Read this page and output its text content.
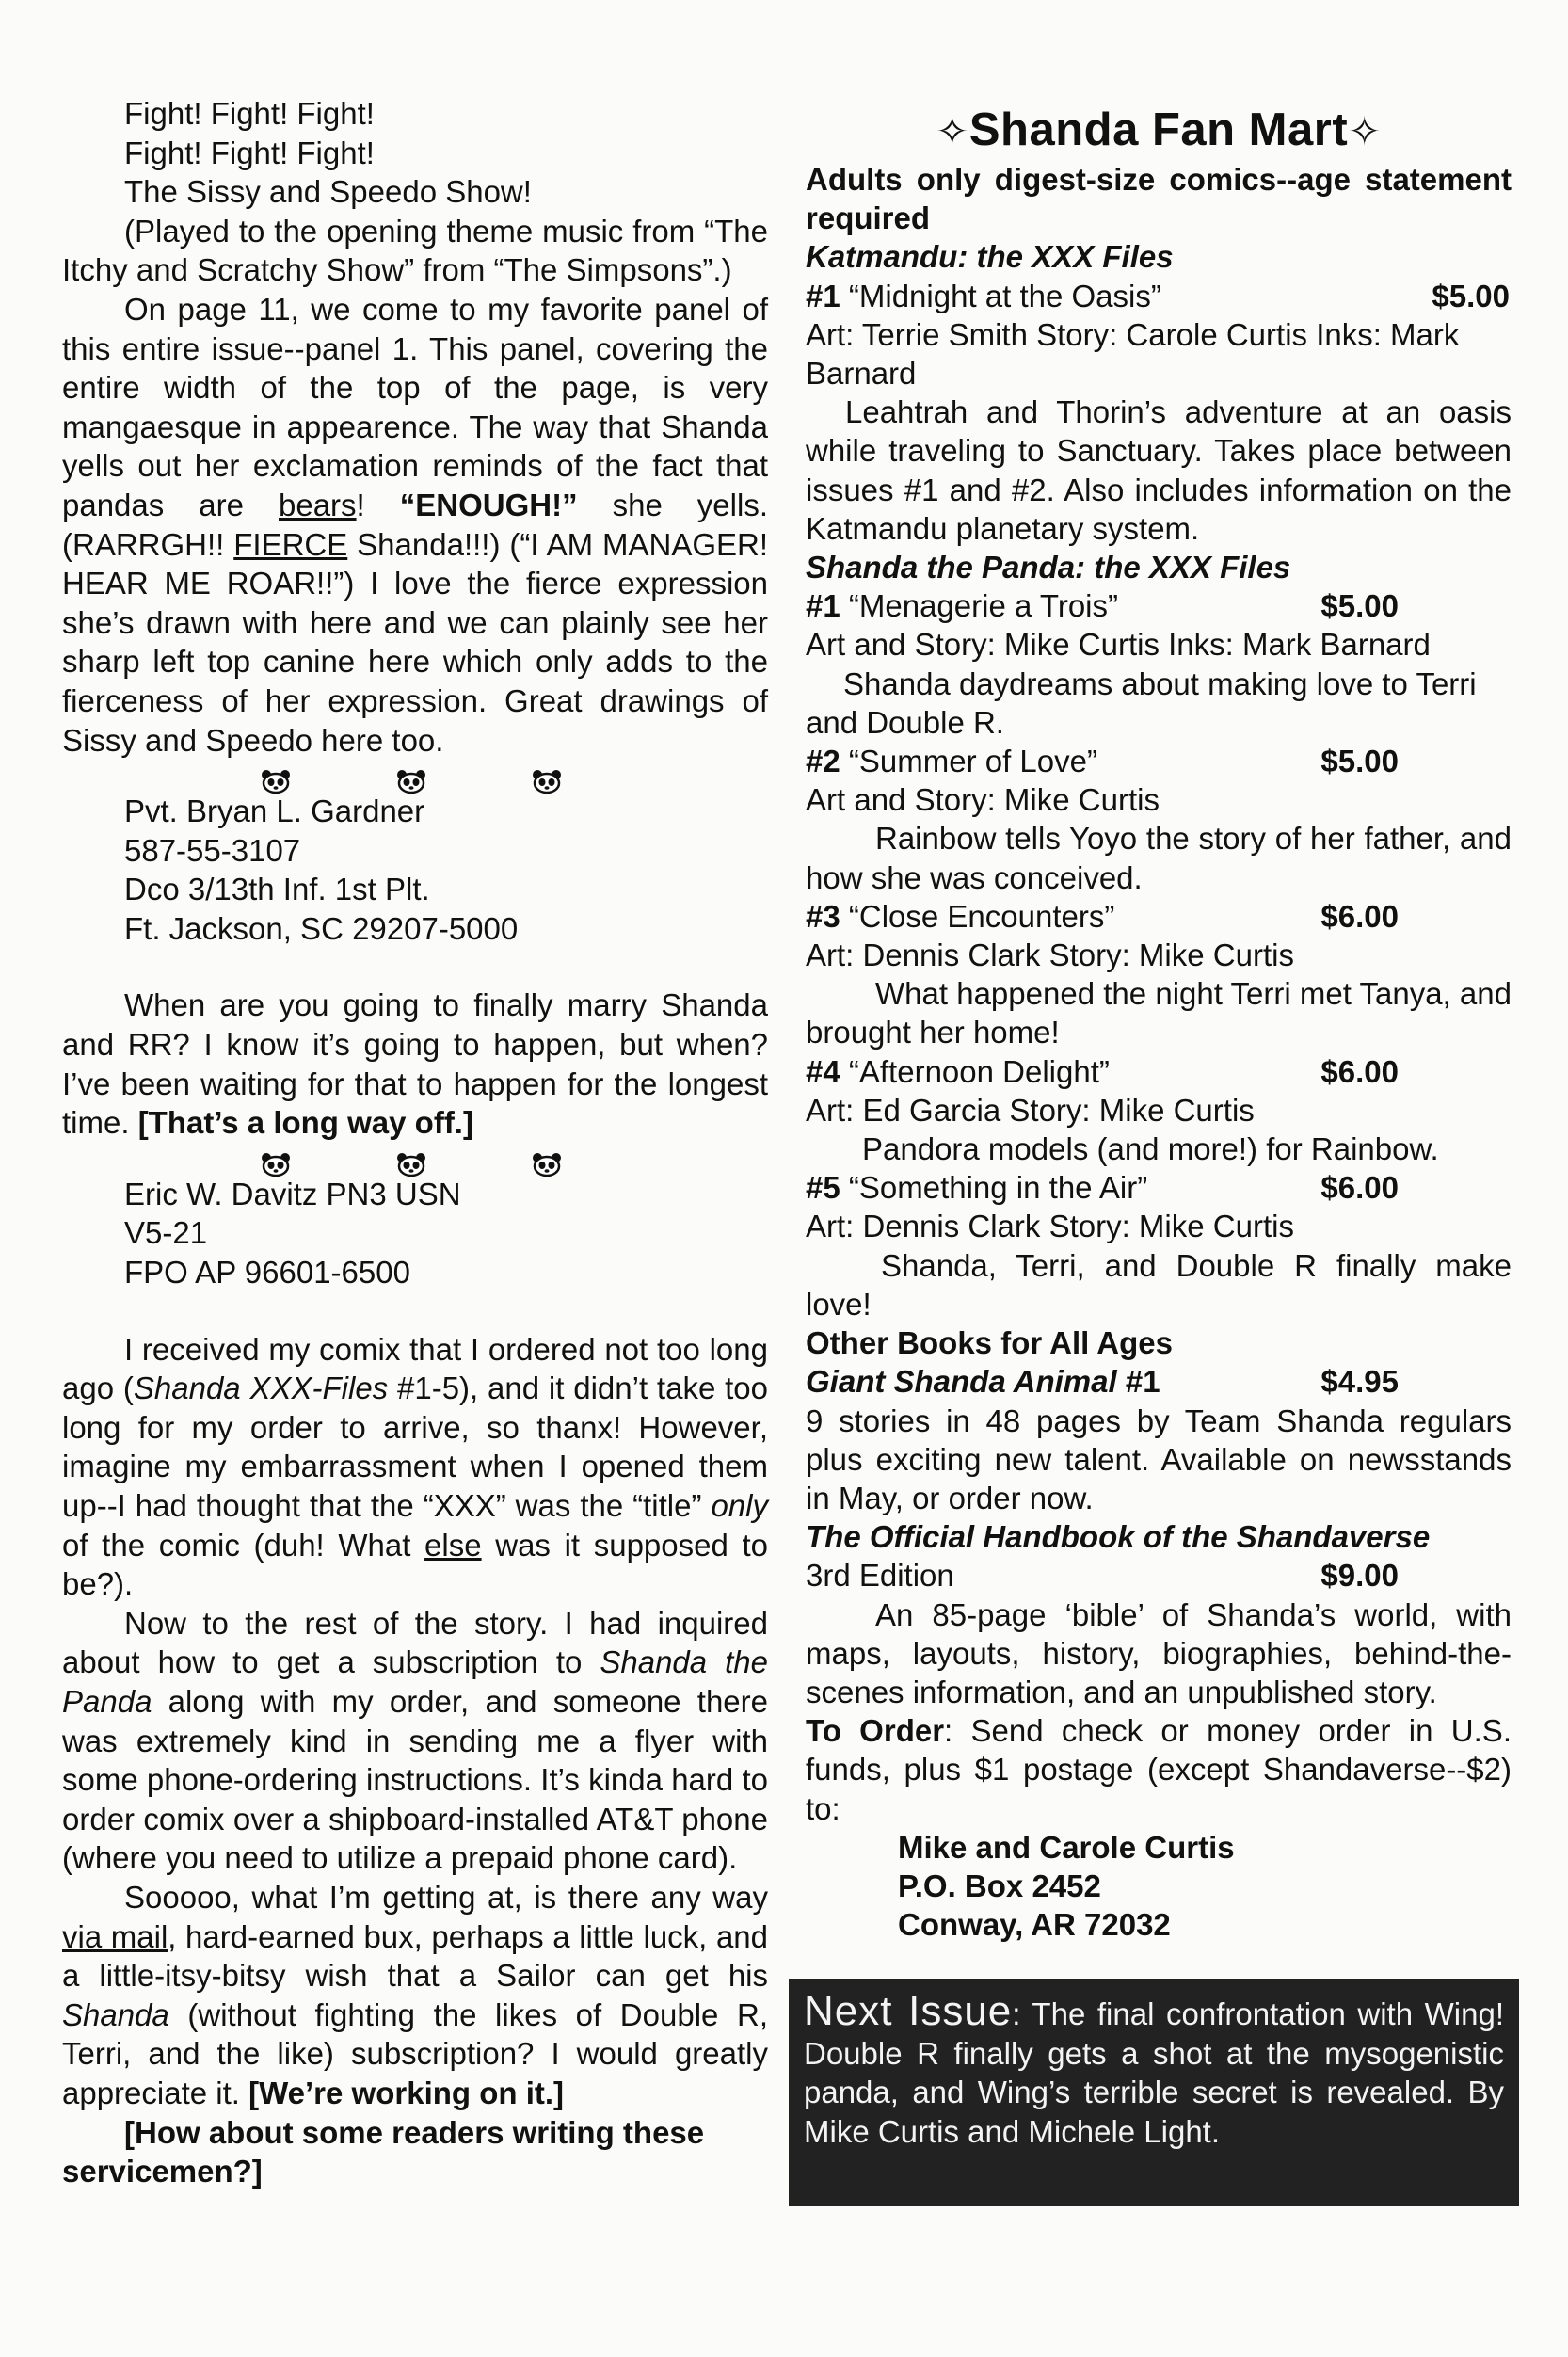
Fight! Fight! Fight!

Fight! Fight! Fight!

The Sissy and Speedo Show!

(Played to the opening theme music from “The Itchy and Scratchy Show” from “The Simpsons”.)

On page 11, we come to my favorite panel of this entire issue--panel 1. This panel, covering the entire width of the top of the page, is very mangaesque in appearence. The way that Shanda yells out her exclamation reminds of the fact that pandas are bears! “ENOUGH!” she yells. (RARRGH!! FIERCE Shanda!!!) (“I AM MANAGER! HEAR ME ROAR!!”) I love the fierce expression she’s drawn with here and we can plainly see her sharp left top canine here which only adds to the fierceness of her expression. Great drawings of Sissy and Speedo here too.

Pvt. Bryan L. Gardner

587-55-3107

Dco 3/13th Inf. 1st Plt.

Ft. Jackson, SC 29207-5000

When are you going to finally marry Shanda and RR? I know it’s going to happen, but when? I’ve been waiting for that to happen for the longest time. [That’s a long way off.]

Eric W. Davitz PN3 USN

V5-21

FPO AP 96601-6500

I received my comix that I ordered not too long ago (Shanda XXX-Files #1-5), and it didn’t take too long for my order to arrive, so thanx! However, imagine my embarrassment when I opened them up--I had thought that the “XXX” was the “title” only of the comic (duh! What else was it supposed to be?).

Now to the rest of the story. I had inquired about how to get a subscription to Shanda the Panda along with my order, and someone there was extremely kind in sending me a flyer with some phone-ordering instructions. It’s kinda hard to order comix over a shipboard-installed AT&T phone (where you need to utilize a prepaid phone card).

Sooooo, what I’m getting at, is there any way via mail, hard-earned bux, perhaps a little luck, and a little-itsy-bitsy wish that a Sailor can get his Shanda (without fighting the likes of Double R, Terri, and the like) subscription? I would greatly appreciate it. [We’re working on it.]

[How about some readers writing these servicemen?]

✧Shanda Fan Mart✧

Adults only digest-size comics--age statement required

Katmandu: the XXX Files

#1 “Midnight at the Oasis”	$5.00

Art: Terrie Smith Story: Carole Curtis Inks: Mark Barnard

Leahtrah and Thorin’s adventure at an oasis while traveling to Sanctuary. Takes place between issues #1 and #2. Also includes information on the Katmandu planetary system.

Shanda the Panda: the XXX Files

#1 “Menagerie a Trois”	$5.00

Art and Story: Mike Curtis Inks: Mark Barnard

Shanda daydreams about making love to Terri and Double R.

#2 “Summer of Love”	$5.00

Art and Story: Mike Curtis

Rainbow tells Yoyo the story of her father, and how she was conceived.

#3 “Close Encounters”	$6.00

Art: Dennis Clark Story: Mike Curtis

What happened the night Terri met Tanya, and brought her home!

#4 “Afternoon Delight”	$6.00

Art: Ed Garcia Story: Mike Curtis

Pandora models (and more!) for Rainbow.

#5 “Something in the Air”	$6.00

Art: Dennis Clark Story: Mike Curtis

Shanda, Terri, and Double R finally make love!

Other Books for All Ages

Giant Shanda Animal #1	$4.95

9 stories in 48 pages by Team Shanda regulars plus exciting new talent. Available on newsstands in May, or order now.

The Official Handbook of the Shandaverse

3rd Edition	$9.00

An 85-page ‘bible’ of Shanda’s world, with maps, layouts, history, biographies, behind-the-scenes information, and an unpublished story.

To Order: Send check or money order in U.S. funds, plus $1 postage (except Shandaverse--$2) to:

Mike and Carole Curtis

P.O. Box 2452

Conway, AR 72032

Next Issue: The final confrontation with Wing! Double R finally gets a shot at the mysogenistic panda, and Wing’s terrible secret is revealed. By Mike Curtis and Michele Light.
